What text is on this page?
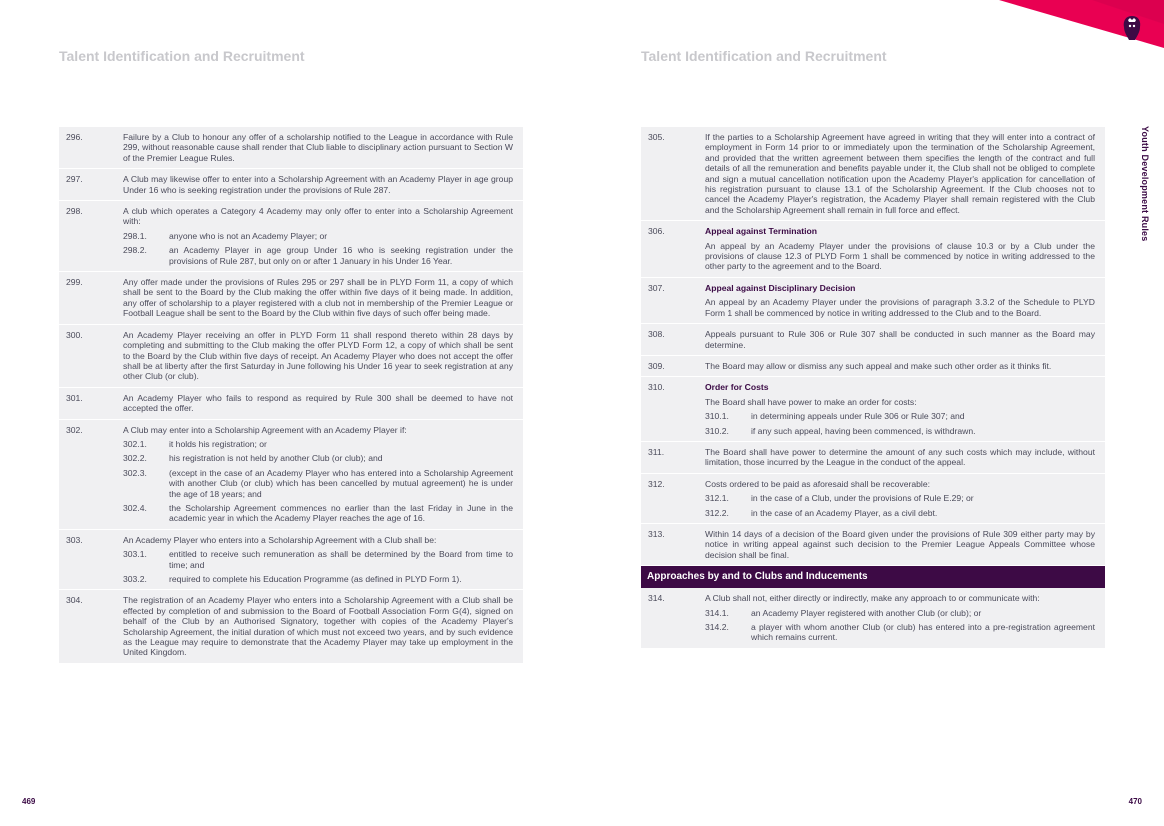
Talent Identification and Recruitment	Talent Identification and Recruitment
Youth Development Rules
296.	Failure by a Club to honour any offer of a scholarship notified to the League in accordance with Rule 299, without reasonable cause shall render that Club liable to disciplinary action pursuant to Section W of the Premier League Rules.
297.	A Club may likewise offer to enter into a Scholarship Agreement with an Academy Player in age group Under 16 who is seeking registration under the provisions of Rule 287.
298.	A club which operates a Category 4 Academy may only offer to enter into a Scholarship Agreement with:
298.1.	anyone who is not an Academy Player; or
298.2.	an Academy Player in age group Under 16 who is seeking registration under the provisions of Rule 287, but only on or after 1 January in his Under 16 Year.
299.	Any offer made under the provisions of Rules 295 or 297 shall be in PLYD Form 11, a copy of which shall be sent to the Board by the Club making the offer within five days of it being made. In addition, any offer of scholarship to a player registered with a club not in membership of the Premier League or Football League shall be sent to the Board by the Club within five days of such offer being made.
300.	An Academy Player receiving an offer in PLYD Form 11 shall respond thereto within 28 days by completing and submitting to the Club making the offer PLYD Form 12, a copy of which shall be sent to the Board by the Club within five days of receipt. An Academy Player who does not accept the offer shall be at liberty after the first Saturday in June following his Under 16 year to seek registration at any other Club (or club).
301.	An Academy Player who fails to respond as required by Rule 300 shall be deemed to have not accepted the offer.
302.	A Club may enter into a Scholarship Agreement with an Academy Player if:
302.1.	it holds his registration; or
302.2.	his registration is not held by another Club (or club); and
302.3.	(except in the case of an Academy Player who has entered into a Scholarship Agreement with another Club (or club) which has been cancelled by mutual agreement) he is under the age of 18 years; and
302.4.	the Scholarship Agreement commences no earlier than the last Friday in June in the academic year in which the Academy Player reaches the age of 16.
303.	An Academy Player who enters into a Scholarship Agreement with a Club shall be:
303.1.	entitled to receive such remuneration as shall be determined by the Board from time to time; and
303.2.	required to complete his Education Programme (as defined in PLYD Form 1).
304.	The registration of an Academy Player who enters into a Scholarship Agreement with a Club shall be effected by completion of and submission to the Board of Football Association Form G(4), signed on behalf of the Club by an Authorised Signatory, together with copies of the Academy Player's Scholarship Agreement, the initial duration of which must not exceed two years, and by such evidence as the League may require to demonstrate that the Academy Player may take up employment in the United Kingdom.
305.	If the parties to a Scholarship Agreement have agreed in writing that they will enter into a contract of employment in Form 14 prior to or immediately upon the termination of the Scholarship Agreement, and provided that the written agreement between them specifies the length of the contract and full details of all the remuneration and benefits payable under it, the Club shall not be obliged to complete and sign a mutual cancellation notification upon the Academy Player's application for cancellation of his registration pursuant to clause 13.1 of the Scholarship Agreement. If the Club chooses not to cancel the Academy Player's registration, the Academy Player shall remain registered with the Club and the Scholarship Agreement shall remain in full force and effect.
306.	Appeal against Termination
An appeal by an Academy Player under the provisions of clause 10.3 or by a Club under the provisions of clause 12.3 of PLYD Form 1 shall be commenced by notice in writing addressed to the other party to the agreement and to the Board.
307.	Appeal against Disciplinary Decision
An appeal by an Academy Player under the provisions of paragraph 3.3.2 of the Schedule to PLYD Form 1 shall be commenced by notice in writing addressed to the Club and to the Board.
308.	Appeals pursuant to Rule 306 or Rule 307 shall be conducted in such manner as the Board may determine.
309.	The Board may allow or dismiss any such appeal and make such other order as it thinks fit.
310.	Order for Costs
The Board shall have power to make an order for costs:
310.1.	in determining appeals under Rule 306 or Rule 307; and
310.2.	if any such appeal, having been commenced, is withdrawn.
311.	The Board shall have power to determine the amount of any such costs which may include, without limitation, those incurred by the League in the conduct of the appeal.
312.	Costs ordered to be paid as aforesaid shall be recoverable:
312.1.	in the case of a Club, under the provisions of Rule E.29; or
312.2.	in the case of an Academy Player, as a civil debt.
313.	Within 14 days of a decision of the Board given under the provisions of Rule 309 either party may by notice in writing appeal against such decision to the Premier League Appeals Committee whose decision shall be final.
Approaches by and to Clubs and Inducements
314.	A Club shall not, either directly or indirectly, make any approach to or communicate with:
314.1.	an Academy Player registered with another Club (or club); or
314.2.	a player with whom another Club (or club) has entered into a pre-registration agreement which remains current.
469	470
